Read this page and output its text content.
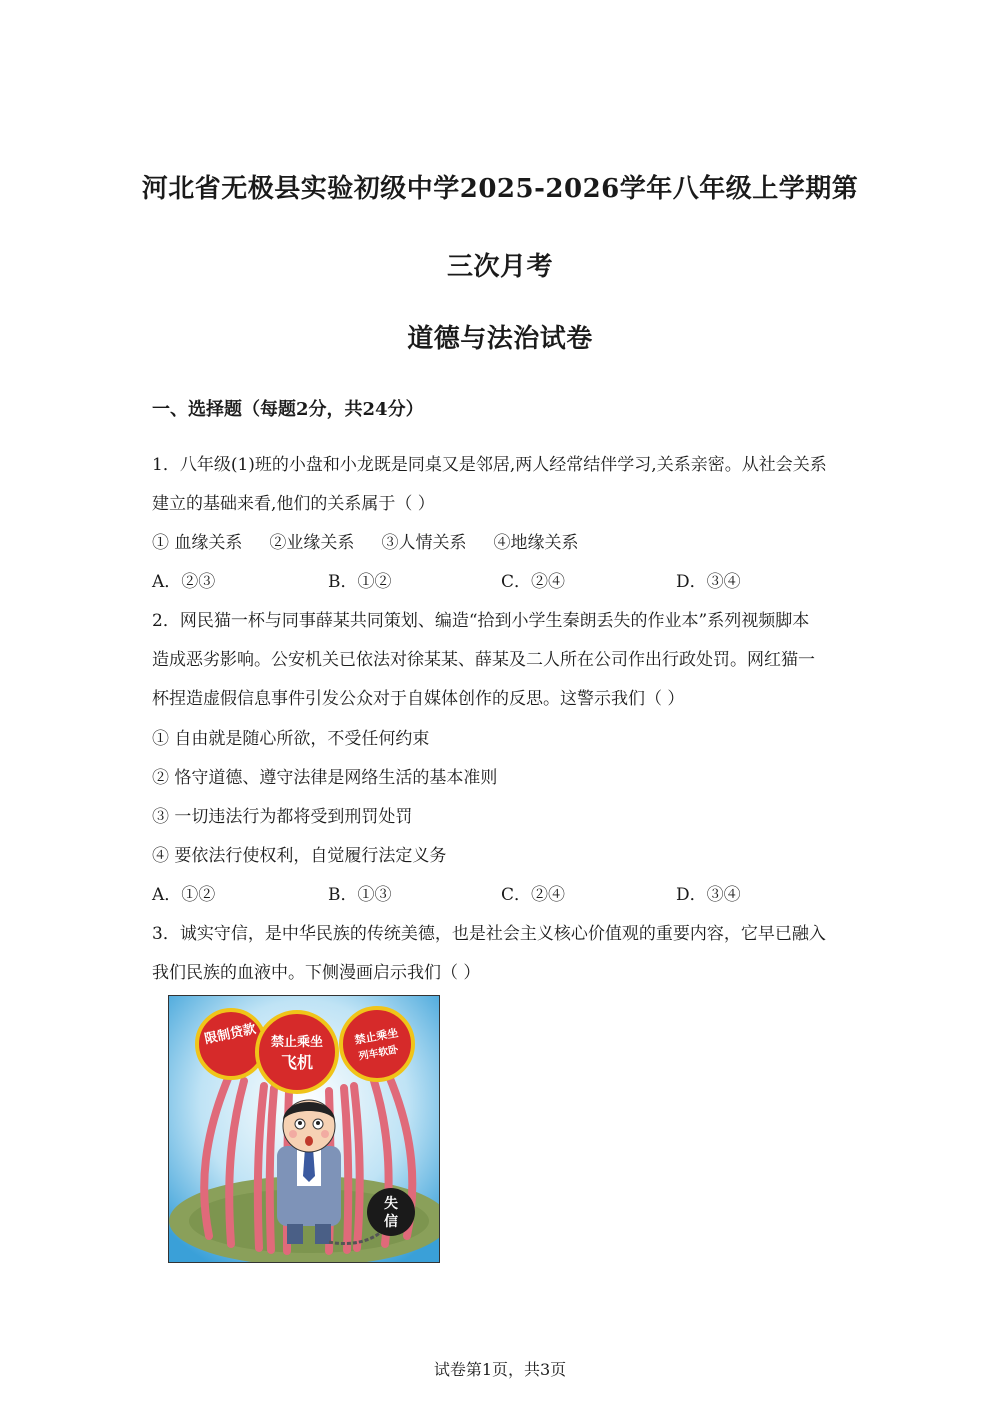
河北省无极县实验初级中学2025-2026学年八年级上学期第
三次月考
道德与法治试卷
一、选择题（每题2分，共24分）
1．八年级(1)班的小盘和小龙既是同桌又是邻居,两人经常结伴学习,关系亲密。从社会关系
建立的基础来看,他们的关系属于（ ）
① 血缘关系     ②业缘关系     ③人情关系     ④地缘关系
A．②③	B．①②	C．②④	D．③④
2．网民猫一杯与同事薛某共同策划、编造“拾到小学生秦朗丢失的作业本”系列视频脚本
造成恶劣影响。公安机关已依法对徐某某、薛某及二人所在公司作出行政处罚。网红猫一
杯捏造虚假信息事件引发公众对于自媒体创作的反思。这警示我们（ ）
① 自由就是随心所欲，不受任何约束
② 恪守道德、遵守法律是网络生活的基本准则
③ 一切违法行为都将受到刑罚处罚
④ 要依法行使权利，自觉履行法定义务
A．①②	B．①③	C．②④	D．③④
3．诚实守信，是中华民族的传统美德，也是社会主义核心价值观的重要内容，它早已融入
我们民族的血液中。下侧漫画启示我们（ ）
失
信
限制贷款	禁止乘坐
列车软卧
禁止乘坐
飞机
试卷第1页，共3页
